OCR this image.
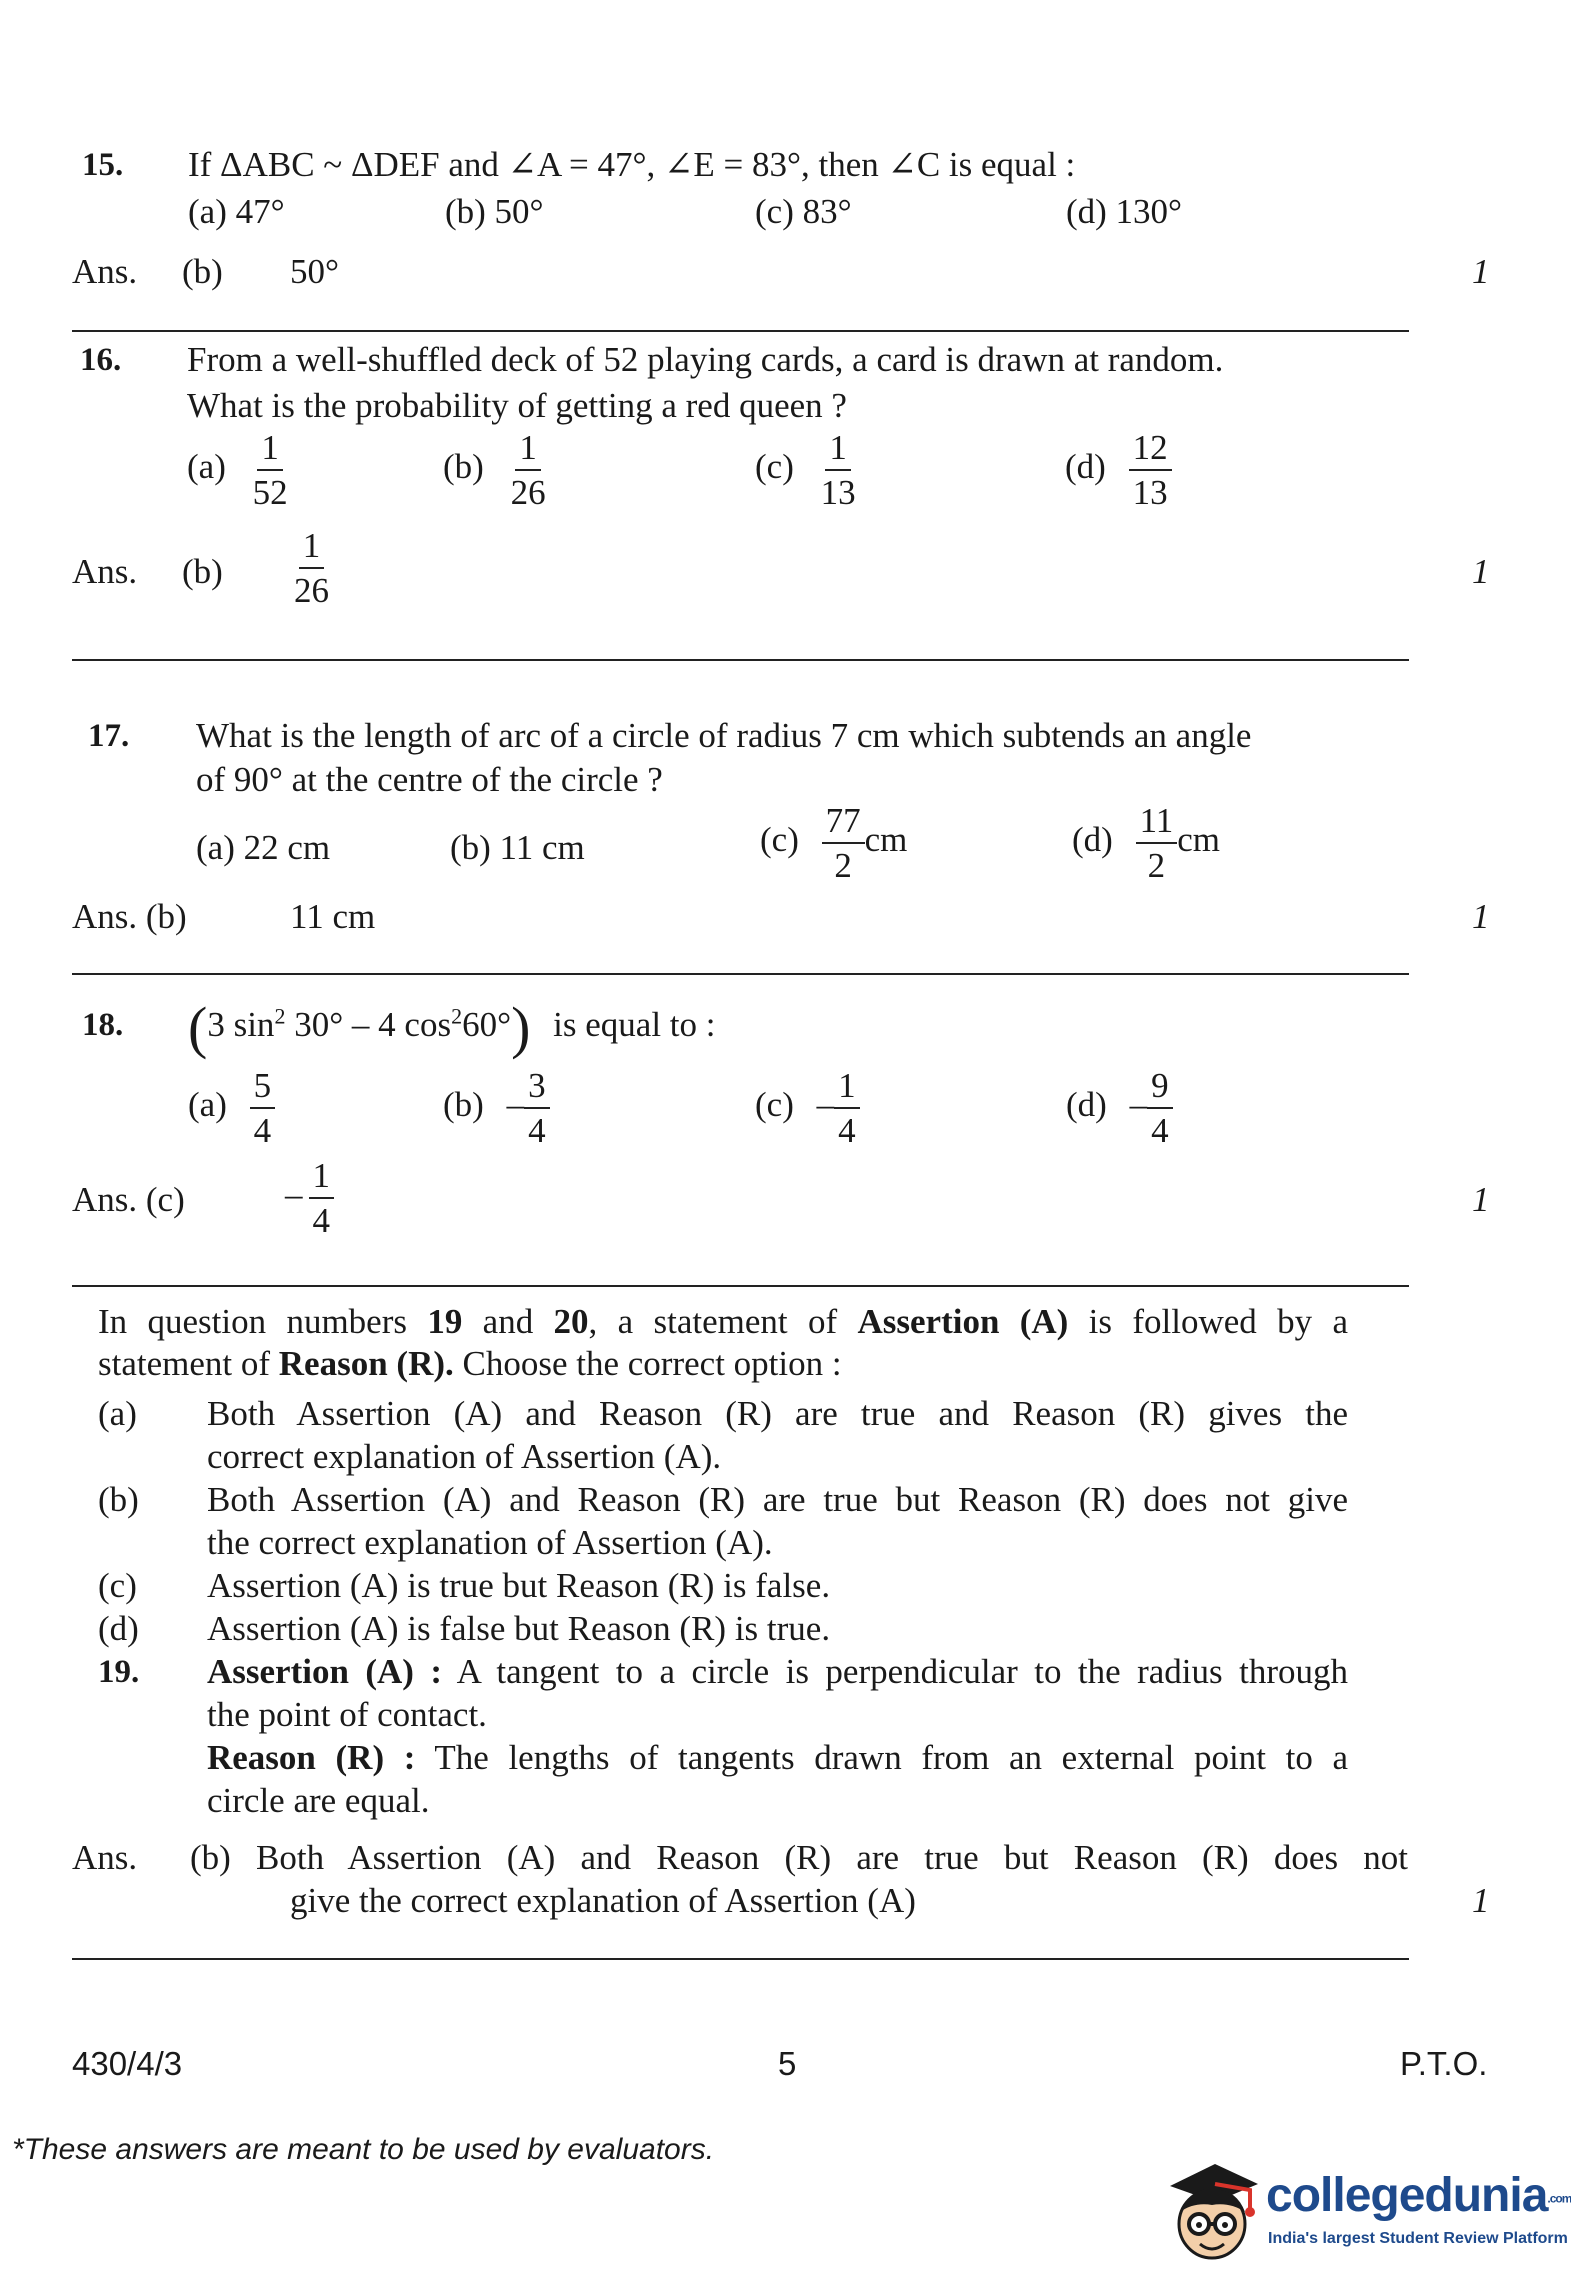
15. If ΔABC ~ ΔDEF and ∠A = 47°, ∠E = 83°, then ∠C is equal :
(a) 47°	(b) 50°	(c) 83°	(d) 130°
Ans. (b) 50°	1
16. From a well-shuffled deck of 52 playing cards, a card is drawn at random.
What is the probability of getting a red queen ?
$(a) \frac{1}{52}$	$(b) \frac{1}{26}$	$(c) \frac{1}{13}$	$(d) \frac{12}{13}$
Ans. $(b) \frac{1}{26}$	1
17. What is the length of arc of a circle of radius 7 cm which subtends an angle
of 90° at the centre of the circle ?
(a) 22 cm	(b) 11 cm	$(c) \frac{77}{2}$ cm	$(d) \frac{11}{2}$ cm
Ans. (b)	11 cm	1
18. (3 $\sin^2 30^\circ - 4$ $\cos^260^\circ$) is equal to :
$(a) \frac{5}{4}$	$(b) - \frac{3}{4}$	$(c) - \frac{1}{4}$	$(d) - \frac{9}{4}$
Ans. (c)	– $\frac{1}{4}$	1
In question numbers 19 and 20, a statement of Assertion (A) is followed by a
statement of Reason (R). Choose the correct option :
(a) Both Assertion (A) and Reason (R) are true and Reason (R) gives the
correct explanation of Assertion (A).
(b) Both Assertion (A) and Reason (R) are true but Reason (R) does not give
the correct explanation of Assertion (A).
(c) Assertion (A) is true but Reason (R) is false.
(d) Assertion (A) is false but Reason (R) is true.
19. Assertion (A) : A tangent to a circle is perpendicular to the radius through
the point of contact.
Reason (R) : The lengths of tangents drawn from an external point to a
circle are equal.
Ans. (b) Both Assertion (A) and Reason (R) are true but Reason (R) does not
give the correct explanation of Assertion (A)	1
430/4/3	5	P.T.O.
*These answers are meant to be used by evaluators.
collegedunia.com
India's largest Student Review Platform
